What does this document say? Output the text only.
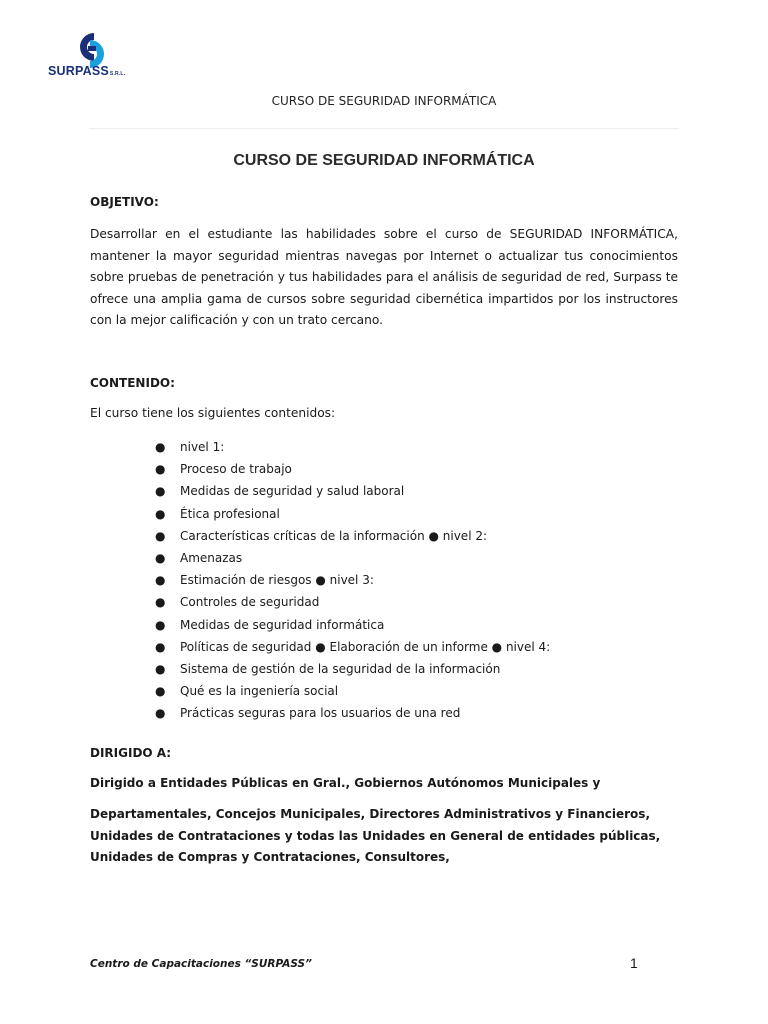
SURPASSS.R.L.
CURSO DE SEGURIDAD INFORMÁTICA
CURSO DE SEGURIDAD INFORMÁTICA
OBJETIVO:
Desarrollar en el estudiante las habilidades sobre el curso de SEGURIDAD INFORMÁTICA, mantener la mayor seguridad mientras navegas por Internet o actualizar tus conocimientos sobre pruebas de penetración y tus habilidades para el análisis de seguridad de red, Surpass te ofrece una amplia gama de cursos sobre seguridad cibernética impartidos por los instructores con la mejor calificación y con un trato cercano.
CONTENIDO:
El curso tiene los siguientes contenidos:
● nivel 1:
● Proceso de trabajo
● Medidas de seguridad y salud laboral
● Ética profesional
● Características críticas de la información ● nivel 2:
● Amenazas
● Estimación de riesgos ● nivel 3:
● Controles de seguridad
● Medidas de seguridad informática
● Políticas de seguridad ● Elaboración de un informe ● nivel 4:
● Sistema de gestión de la seguridad de la información
● Qué es la ingeniería social
● Prácticas seguras para los usuarios de una red
DIRIGIDO A:
Dirigido a Entidades Públicas en Gral., Gobiernos Autónomos Municipales y
Departamentales, Concejos Municipales, Directores Administrativos y Financieros, Unidades de Contrataciones y todas las Unidades en General de entidades públicas, Unidades de Compras y Contrataciones, Consultores,
Centro de Capacitaciones “SURPASS”	1
